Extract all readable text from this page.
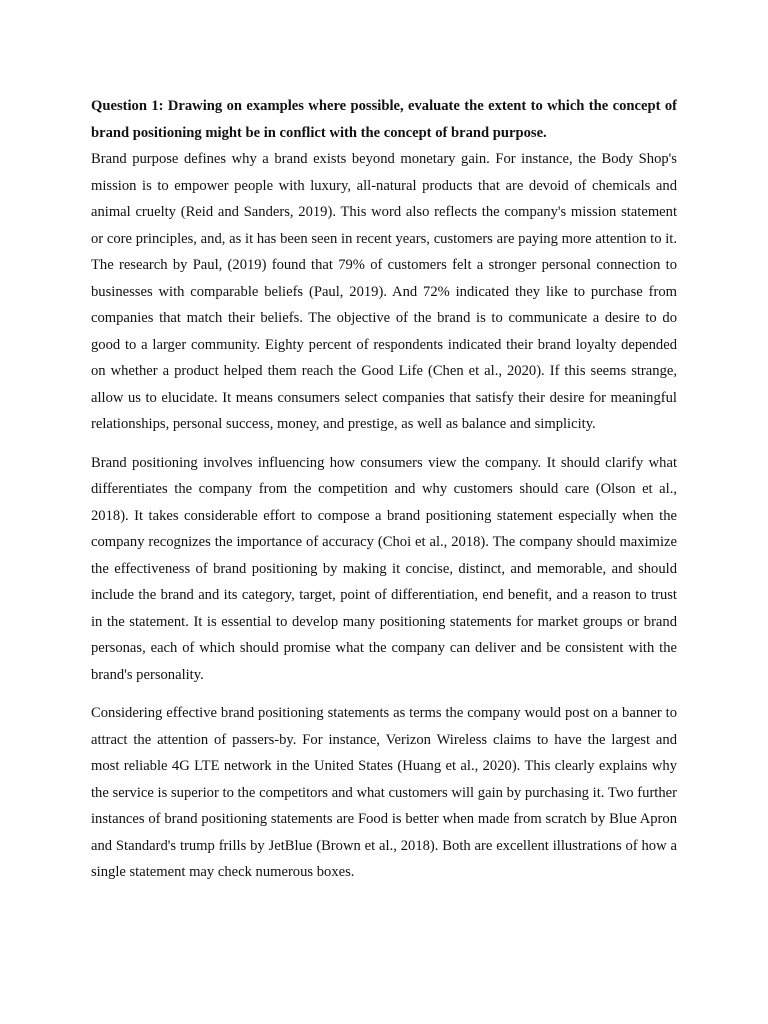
Question 1: Drawing on examples where possible, evaluate the extent to which the concept of brand positioning might be in conflict with the concept of brand purpose.

Brand purpose defines why a brand exists beyond monetary gain. For instance, the Body Shop's mission is to empower people with luxury, all-natural products that are devoid of chemicals and animal cruelty (Reid and Sanders, 2019). This word also reflects the company's mission statement or core principles, and, as it has been seen in recent years, customers are paying more attention to it. The research by Paul, (2019) found that 79% of customers felt a stronger personal connection to businesses with comparable beliefs (Paul, 2019). And 72% indicated they like to purchase from companies that match their beliefs. The objective of the brand is to communicate a desire to do good to a larger community. Eighty percent of respondents indicated their brand loyalty depended on whether a product helped them reach the Good Life (Chen et al., 2020). If this seems strange, allow us to elucidate. It means consumers select companies that satisfy their desire for meaningful relationships, personal success, money, and prestige, as well as balance and simplicity.

Brand positioning involves influencing how consumers view the company. It should clarify what differentiates the company from the competition and why customers should care (Olson et al., 2018). It takes considerable effort to compose a brand positioning statement especially when the company recognizes the importance of accuracy (Choi et al., 2018). The company should maximize the effectiveness of brand positioning by making it concise, distinct, and memorable, and should include the brand and its category, target, point of differentiation, end benefit, and a reason to trust in the statement. It is essential to develop many positioning statements for market groups or brand personas, each of which should promise what the company can deliver and be consistent with the brand's personality.

Considering effective brand positioning statements as terms the company would post on a banner to attract the attention of passers-by. For instance, Verizon Wireless claims to have the largest and most reliable 4G LTE network in the United States (Huang et al., 2020). This clearly explains why the service is superior to the competitors and what customers will gain by purchasing it. Two further instances of brand positioning statements are Food is better when made from scratch by Blue Apron and Standard's trump frills by JetBlue (Brown et al., 2018). Both are excellent illustrations of how a single statement may check numerous boxes.
